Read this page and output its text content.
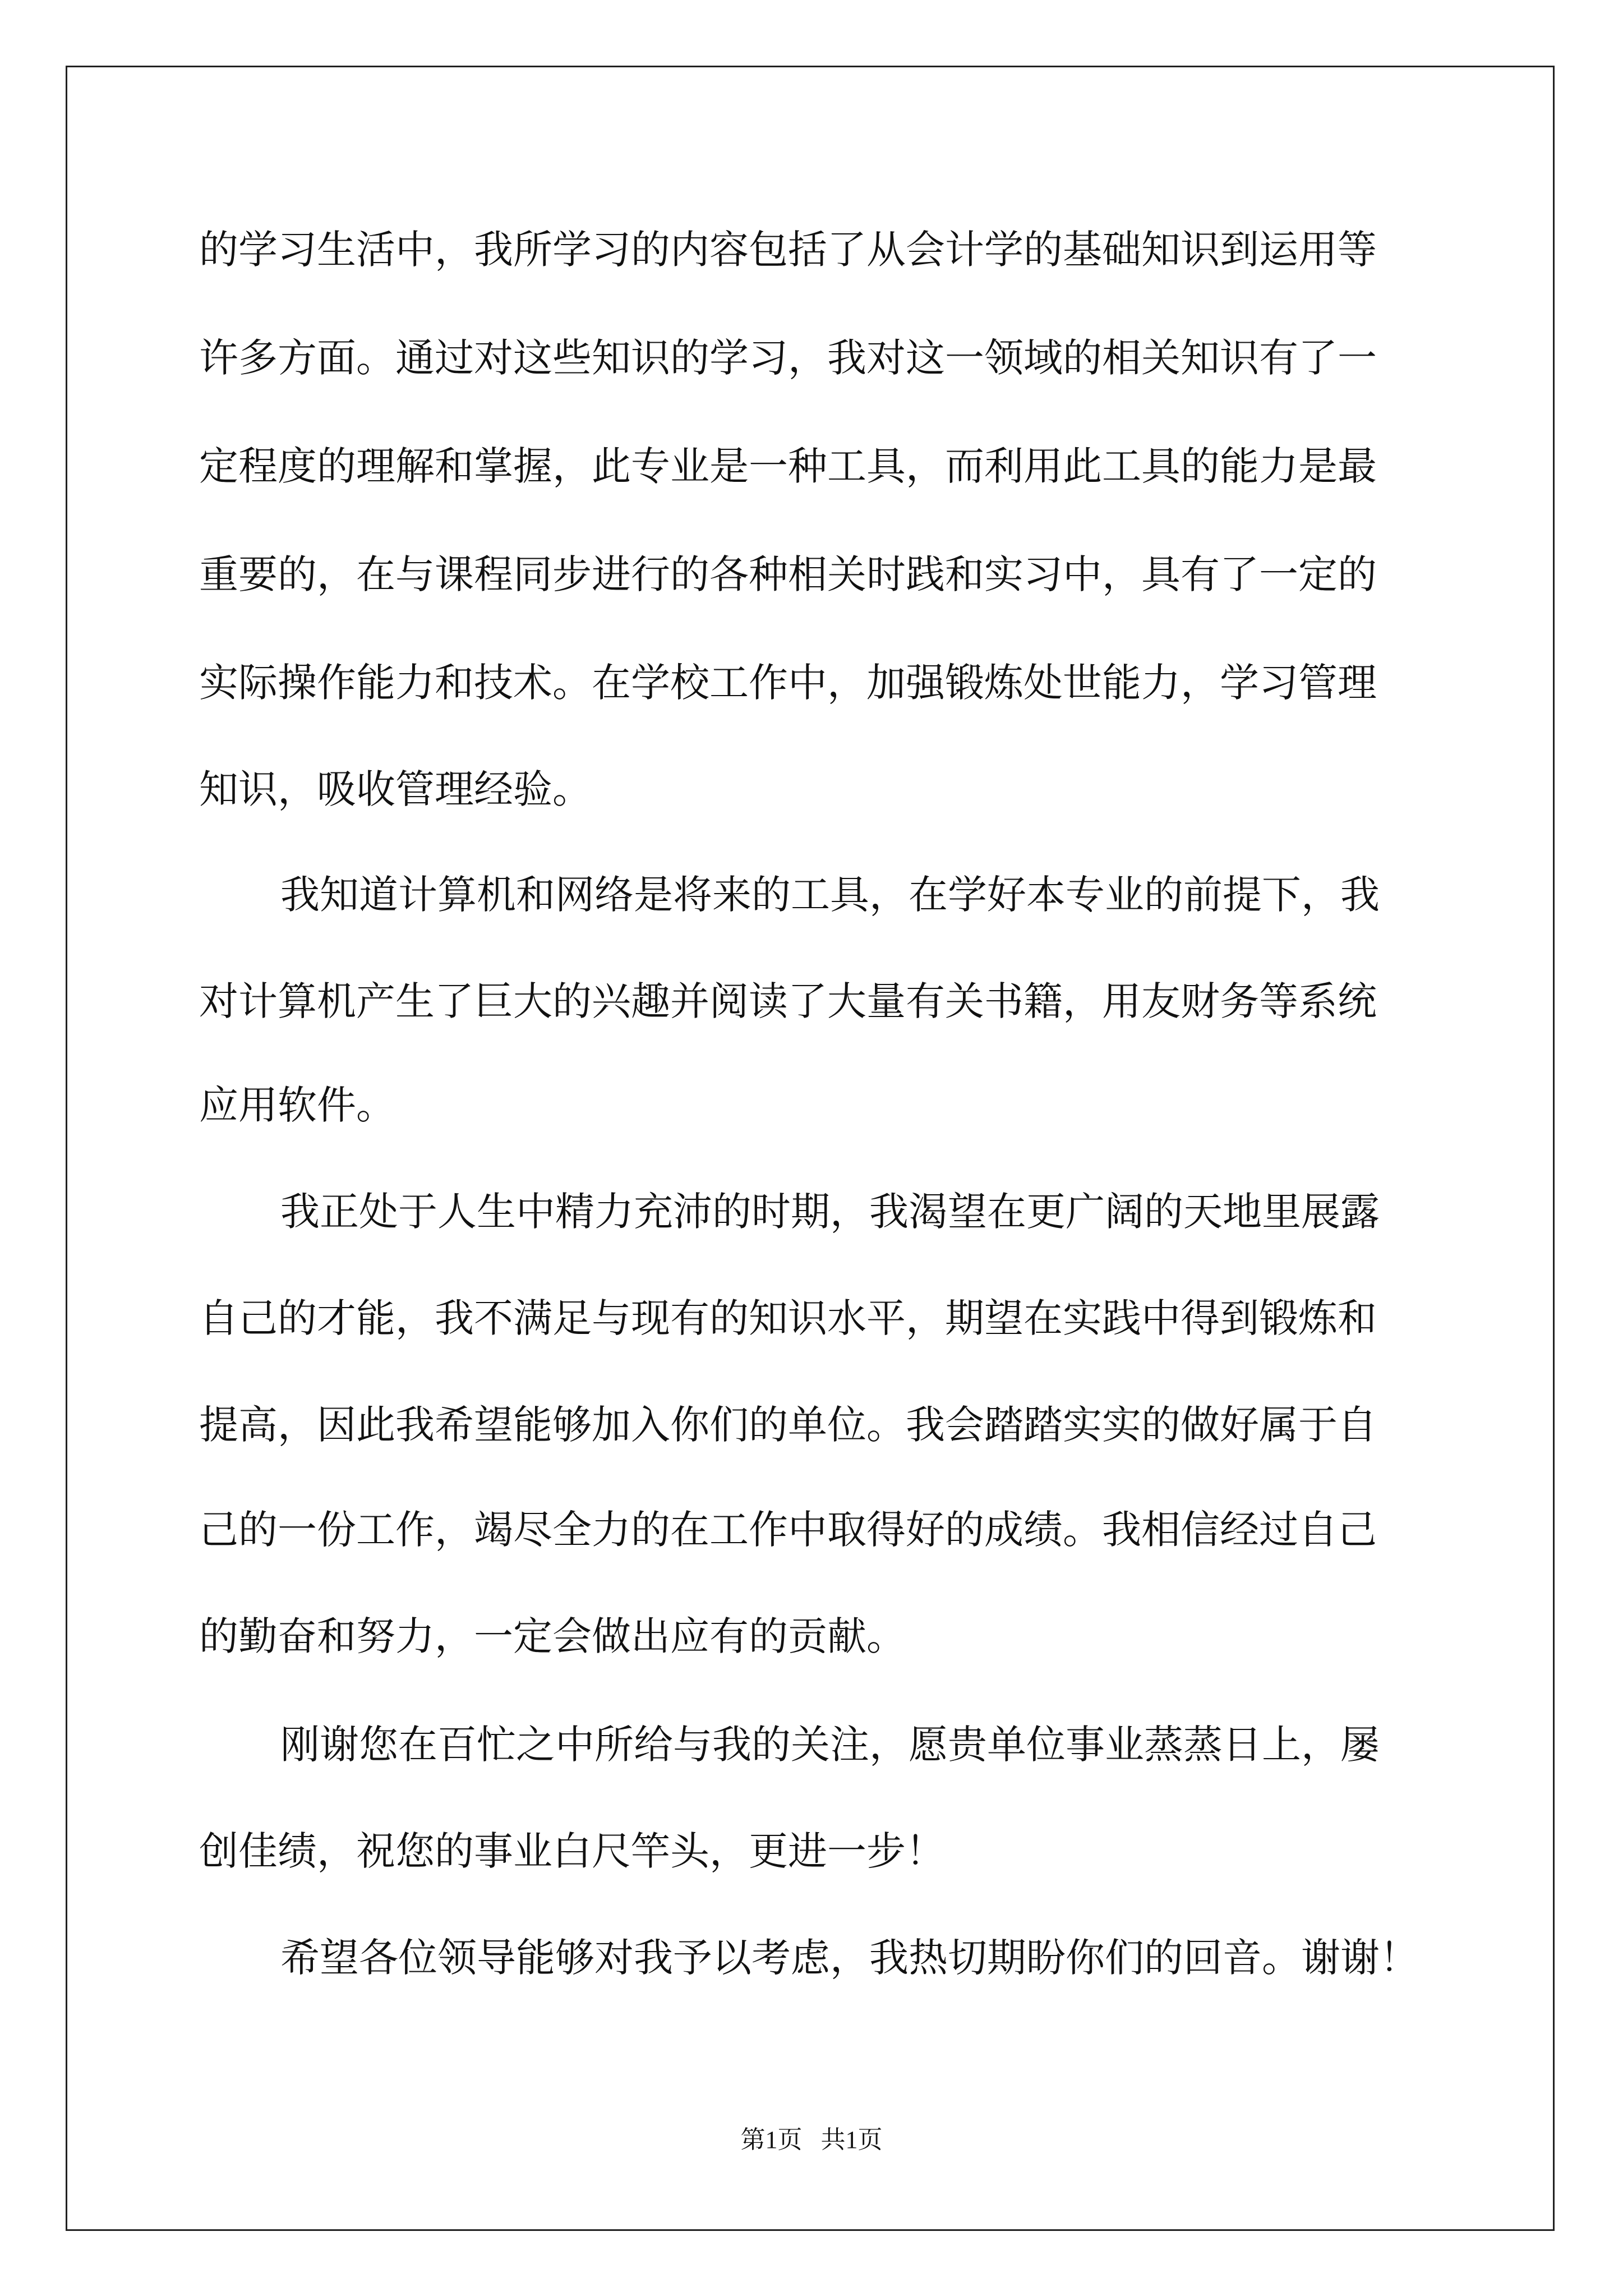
的学习生活中，我所学习的内容包括了从会计学的基础知识到运用等
许多方面。通过对这些知识的学习，我对这一领域的相关知识有了一
定程度的理解和掌握，此专业是一种工具，而利用此工具的能力是最
重要的，在与课程同步进行的各种相关时践和实习中，具有了一定的
实际操作能力和技术。在学校工作中，加强锻炼处世能力，学习管理
知识，吸收管理经验。
我知道计算机和网络是将来的工具，在学好本专业的前提下，我
对计算机产生了巨大的兴趣并阅读了大量有关书籍，用友财务等系统
应用软件。
我正处于人生中精力充沛的时期，我渴望在更广阔的天地里展露
自己的才能，我不满足与现有的知识水平，期望在实践中得到锻炼和
提高，因此我希望能够加入你们的单位。我会踏踏实实的做好属于自
己的一份工作，竭尽全力的在工作中取得好的成绩。我相信经过自己
的勤奋和努力，一定会做出应有的贡献。
刚谢您在百忙之中所给与我的关注，愿贵单位事业蒸蒸日上，屡
创佳绩，祝您的事业白尺竿头，更进一步！
希望各位领导能够对我予以考虑，我热切期盼你们的回音。谢谢！
第1页   共1页
